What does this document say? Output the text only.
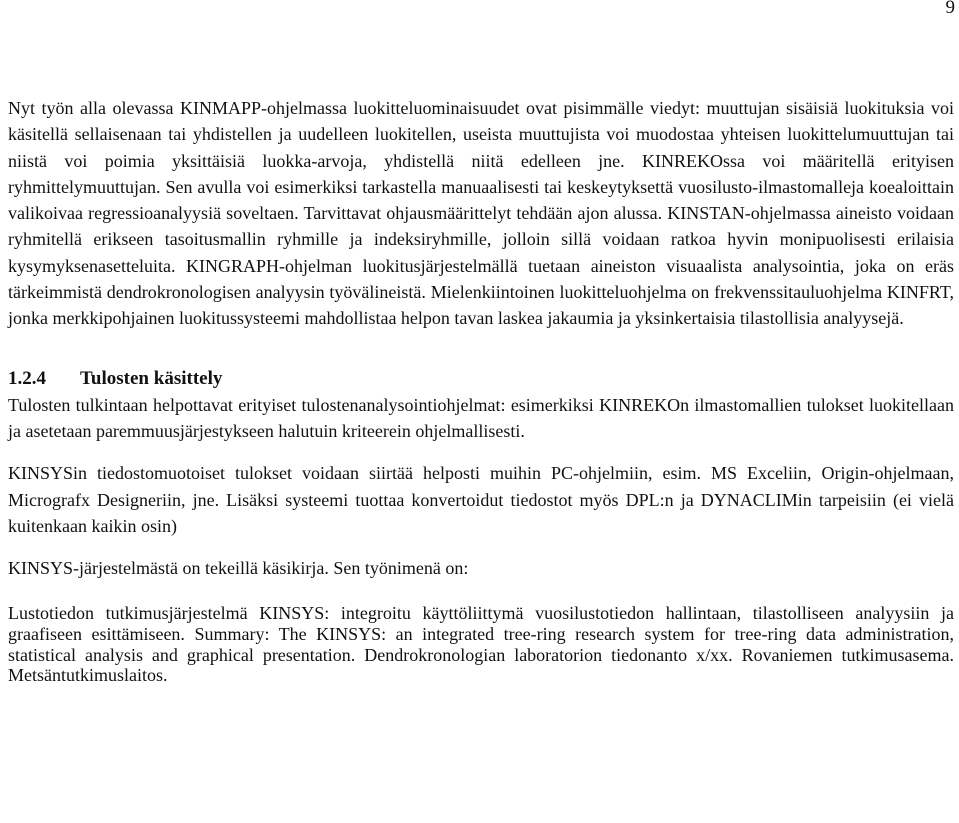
9

Nyt työn alla olevassa KINMAPP-ohjelmassa luokitteluominaisuudet ovat pisimmälle viedyt: muuttujan sisäisiä luokituksia voi käsitellä sellaisenaan tai yhdistellen ja uudelleen luokitellen, useista muuttujista voi muodostaa yhteisen luokittelumuuttujan tai niistä voi poimia yksittäisiä luokka-arvoja, yhdistellä niitä edelleen jne. KINREKOssa voi määritellä erityisen ryhmittelymuuttujan. Sen avulla voi esimerkiksi tarkastella manuaalisesti tai keskeytyksettä vuosilusto-ilmastomalleja koealoittain valikoivaa regressioanalyysiä soveltaen. Tarvittavat ohjausmäärittelyt tehdään ajon alussa. KINSTAN-ohjelmassa aineisto voidaan ryhmitellä erikseen tasoitusmallin ryhmille ja indeksiryhmille, jolloin sillä voidaan ratkoa hyvin monipuolisesti erilaisia kysymyksenasetteluita. KINGRAPH-ohjelman luokitusjärjestelmällä tuetaan aineiston visuaalista analysointia, joka on eräs tärkeimmistä dendrokronologisen analyysin työvälineistä. Mielenkiintoinen luokitteluohjelma on frekvenssitauluohjelma KINFRT, jonka merkkipohjainen luokitussysteemi mahdollistaa helpon tavan laskea jakaumia ja yksinkertaisia tilastollisia analyysejä.

1.2.4 Tulosten käsittely

Tulosten tulkintaan helpottavat erityiset tulostenanalysointiohjelmat: esimerkiksi KINREKOn ilmastomallien tulokset luokitellaan ja asetetaan paremmuusjärjestykseen halutuin kriteerein ohjelmallisesti.

KINSYSin tiedostomuotoiset tulokset voidaan siirtää helposti muihin PC-ohjelmiin, esim. MS Exceliin, Origin-ohjelmaan, Micrografx Designeriin, jne. Lisäksi systeemi tuottaa konvertoidut tiedostot myös DPL:n ja DYNACLIMin tarpeisiin (ei vielä kuitenkaan kaikin osin)

KINSYS-järjestelmästä on tekeillä käsikirja. Sen työnimenä on:

Lustotiedon tutkimusjärjestelmä KINSYS: integroitu käyttöliittymä vuosilustotiedon hallintaan, tilastolliseen analyysiin ja graafiseen esittämiseen. Summary: The KINSYS: an integrated tree-ring research system for tree-ring data administration, statistical analysis and graphical presentation. Dendrokronologian laboratorion tiedonanto x/xx. Rovaniemen tutkimusasema. Metsäntutkimuslaitos.
